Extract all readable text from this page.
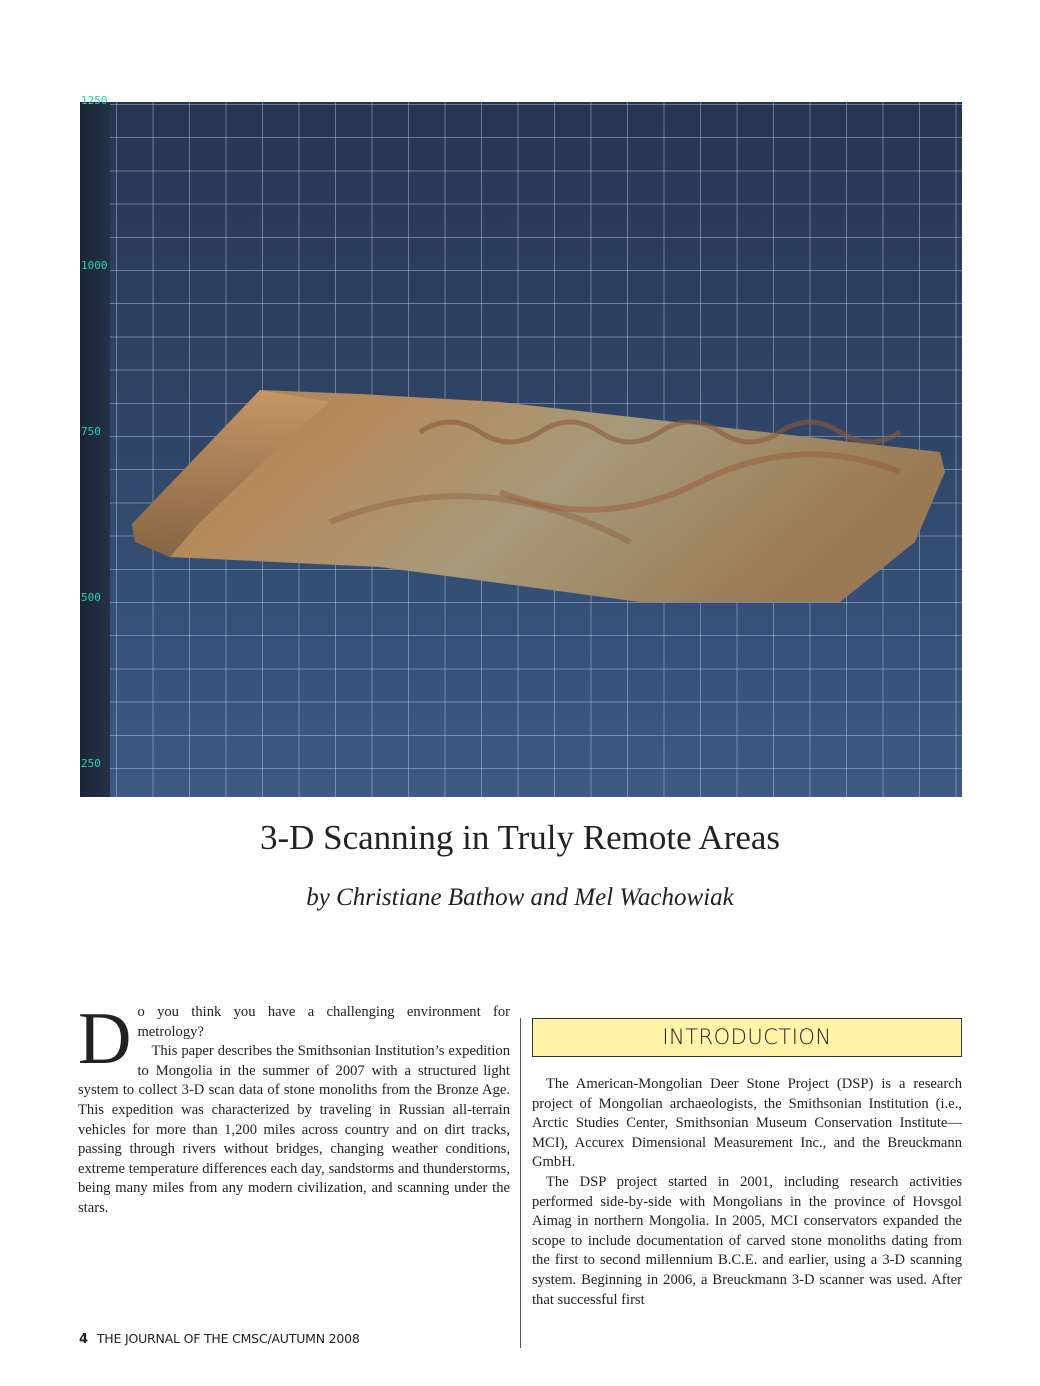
1250
1000
750
500
250
3-D Scanning in Truly Remote Areas
by Christiane Bathow and Mel Wachowiak
D o you think you have a challenging environment for metrology?

This paper describes the Smithsonian Institution’s expedition to Mongolia in the summer of 2007 with a structured light system to collect 3-D scan data of stone monoliths from the Bronze Age. This expedition was characterized by traveling in Russian all-terrain vehicles for more than 1,200 miles across country and on dirt tracks, passing through rivers without bridges, changing weather conditions, extreme temperature differences each day, sandstorms and thunderstorms, being many miles from any modern civilization, and scanning under the stars.

INTRODUCTION

The American-Mongolian Deer Stone Project (DSP) is a research project of Mongolian archaeologists, the Smithsonian Institution (i.e., Arctic Studies Center, Smithsonian Museum Conservation Institute—MCI), Accurex Dimensional Measurement Inc., and the Breuckmann GmbH.

The DSP project started in 2001, including research activities performed side-by-side with Mongolians in the province of Hovsgol Aimag in northern Mongolia. In 2005, MCI conservators expanded the scope to include documentation of carved stone monoliths dating from the first to second millennium B.C.E. and earlier, using a 3-D scanning system. Beginning in 2006, a Breuckmann 3-D scanner was used. After that successful first

4 THE JOURNAL OF THE CMSC/AUTUMN 2008
